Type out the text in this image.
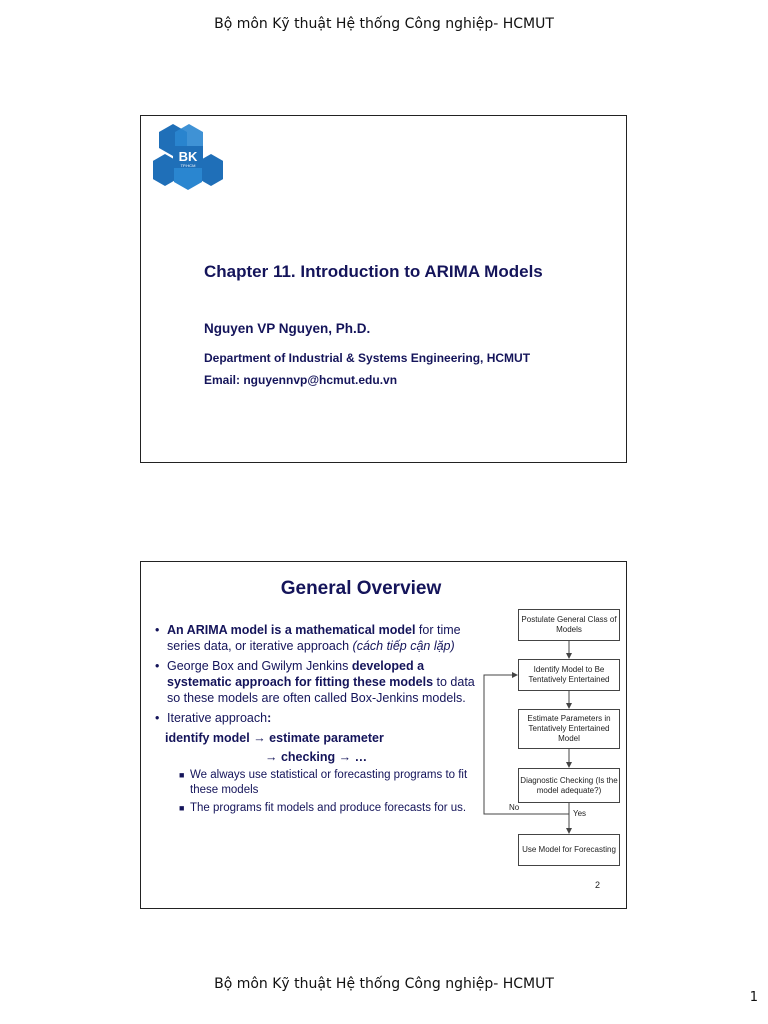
Bộ môn Kỹ thuật Hệ thống Công nghiệp- HCMUT
BK
TP.HCM
Chapter 11. Introduction to ARIMA Models
Nguyen VP Nguyen, Ph.D.
Department of Industrial & Systems Engineering, HCMUT
Email: nguyennvp@hcmut.edu.vn
General Overview
• An ARIMA model is a mathematical model for time series data, or iterative approach (cách tiếp cận lặp)
• George Box and Gwilym Jenkins developed a systematic approach for fitting these models to data so these models are often called Box-Jenkins models.
• Iterative approach:
identify model → estimate parameter
→ checking → …
■ We always use statistical or forecasting programs to fit these models
■ The programs fit models and produce forecasts for us.
Postulate General Class of Models
Identify Model to Be Tentatively Entertained
Estimate Parameters in Tentatively Entertained Model
Diagnostic Checking (Is the model adequate?)
Use Model for Forecasting
No
Yes
2
Bộ môn Kỹ thuật Hệ thống Công nghiệp- HCMUT
1
